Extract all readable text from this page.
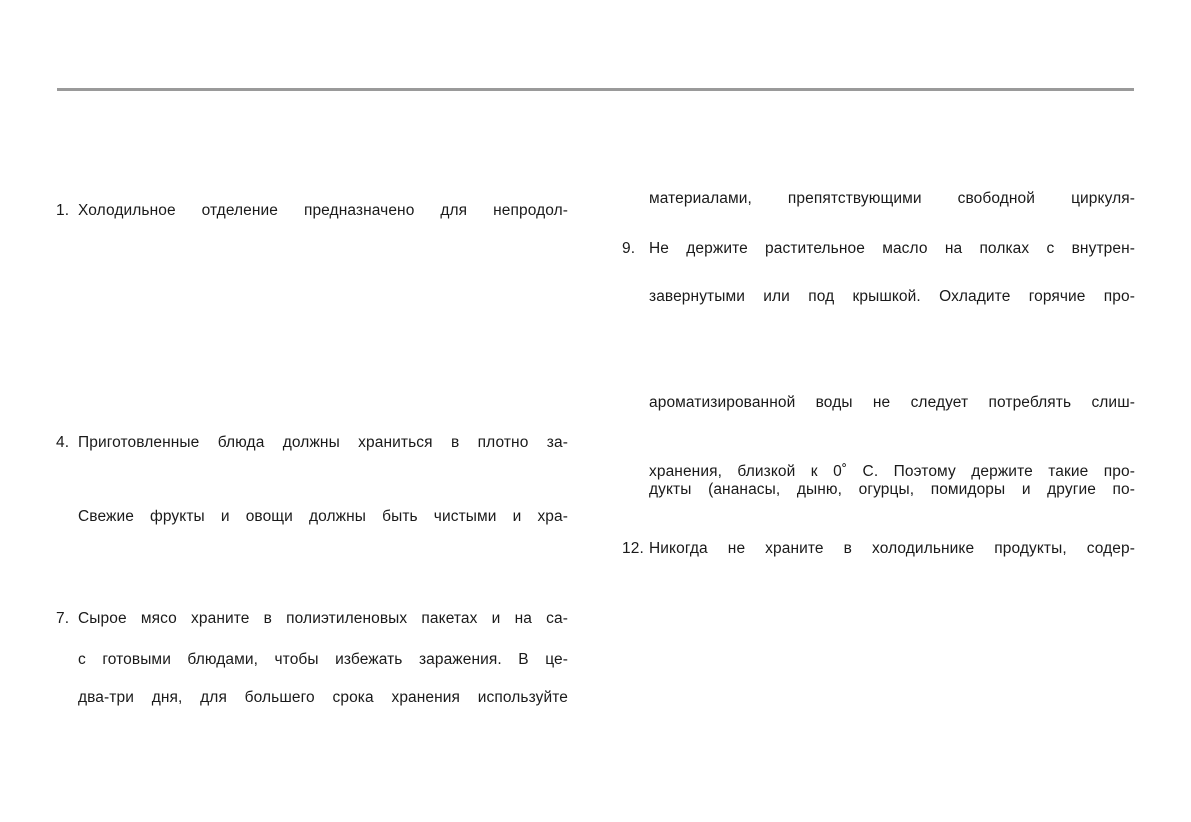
1. Холодильное отделение предназначено для непродол-
4. Приготовленные блюда должны храниться в плотно за-
Свежие фрукты и овощи должны быть чистыми и хра-
7. Сырое мясо храните в полиэтиленовых пакетах и на са-
с готовыми блюдами, чтобы избежать заражения. В це-
два-три дня, для большего срока хранения используйте
материалами, препятствующими свободной циркуля-
9. Не держите растительное масло на полках с внутрен-
завернутыми или под крышкой. Охладите горячие про-
ароматизированной воды не следует потреблять слиш-
хранения, близкой к 0˚ С. Поэтому держите такие про-
дукты (ананасы, дыню, огурцы, помидоры и другие по-
12. Никогда не храните в холодильнике продукты, содер-
